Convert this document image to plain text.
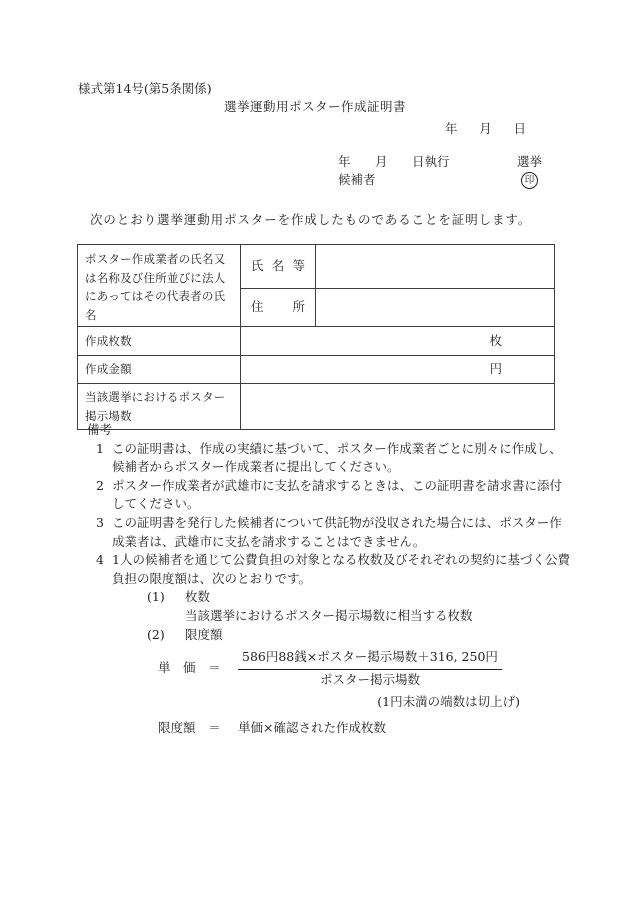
様式第14号(第5条関係)
選挙運動用ポスター作成証明書
年 月 日
年 月 日執行	選挙
候補者	印
次のとおり選挙運動用ポスターを作成したものであることを証明します。
ポスター作成業者の氏名又は名称及び住所並びに法人にあってはその代表者の氏名	氏 名 等	
	住 所	
作成枚数	枚	
作成金額	円	
当該選挙におけるポスター掲示場数		
備考
1 この証明書は、作成の実績に基づいて、ポスター作成業者ごとに別々に作成し、候補者からポスター作成業者に提出してください。
2 ポスター作成業者が武雄市に支払を請求するときは、この証明書を請求書に添付してください。
3 この証明書を発行した候補者について供託物が没収された場合には、ポスター作成業者は、武雄市に支払を請求することはできません。
4 1人の候補者を通じて公費負担の対象となる枚数及びそれぞれの契約に基づく公費負担の限度額は、次のとおりです。
(1)	枚数
当該選挙におけるポスター掲示場数に相当する枚数
(2)	限度額
単　価 ＝ $\frac{\text{586円88銭×ポスター掲示場数＋316, 250円}}{\text{ポスター掲示場数}}$
(1円未満の端数は切上げ)
限度額 ＝ 単価×確認された作成枚数
